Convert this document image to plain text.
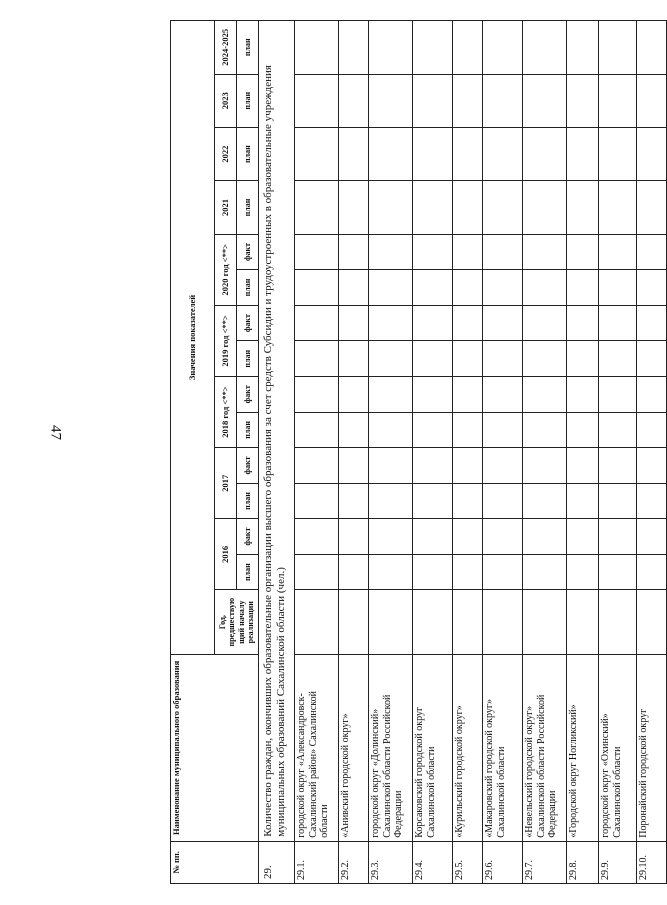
47
№ пп.	Наименование муниципального образования	Значения показателей														
		Год, предшествую щий началу реализации	2016		2017		2018 год <**>		2019 год <**>		2020 год <**>		2021	2022	2023	2024-2025
			план	факт	план	факт	план	факт	план	факт	план	факт	план	план	план	план
29.	Количество граждан, окончивших образовательные организации высшего образования за счет средств Субсидии и трудоустроенных в образовательные учреждения муниципальных образований Сахалинской области (чел.)															
29.1.	городской округ «Александровск-Сахалинский район» Сахалинской области															
29.2.	«Анивский городской округ»															
29.3.	городской округ «Долинский» Сахалинской области Российской Федерации															
29.4.	Корсаковский городской округ Сахалинской области															
29.5.	«Курильский городской округ»															
29.6.	«Макаровский городской округ» Сахалинской области															
29.7.	«Невельский городской округ» Сахалинской области Российской Федерации															
29.8.	«Городской округ Ногликский»															
29.9.	городской округ «Охинский» Сахалинской области															
29.10.	Поронайский городской округ															
